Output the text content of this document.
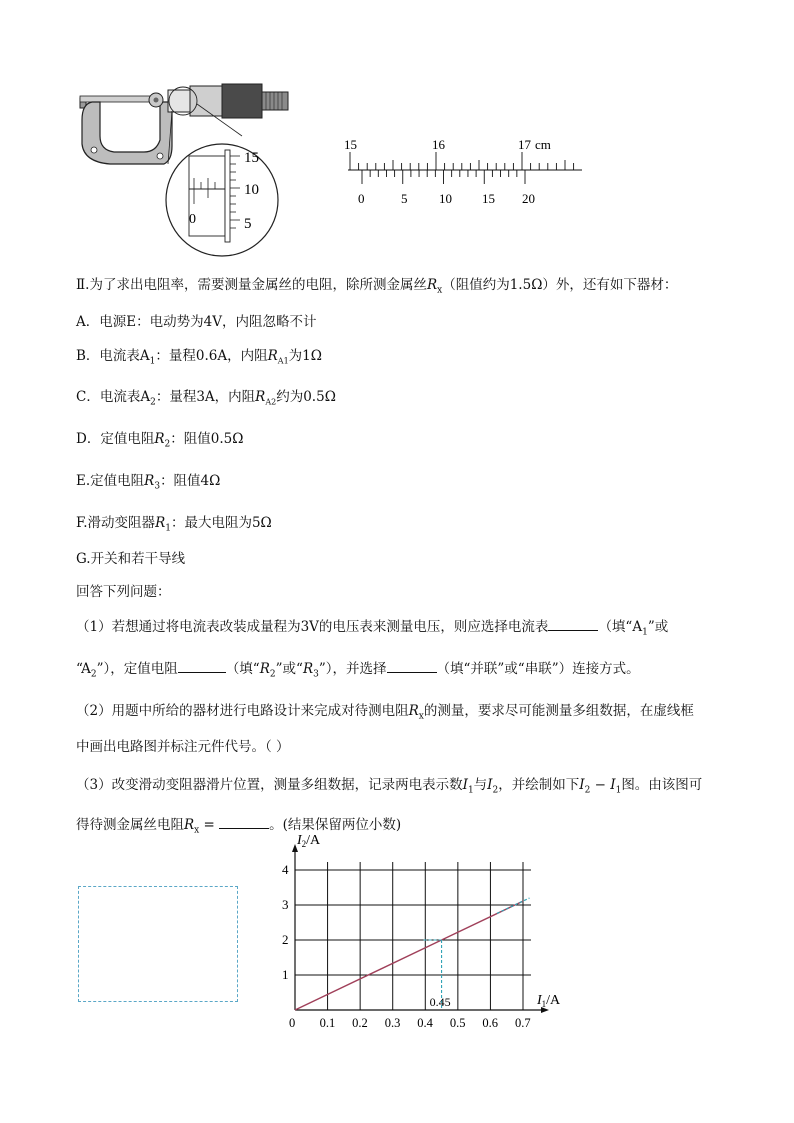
15
10
5
0
15	16	17 cm
0	5 10 15 20
Ⅱ.为了求出电阻率，需要测量金属丝的电阻，除所测金属丝$R_x$（阻值约为1.5Ω）外，还有如下器材：
A．电源E：电动势为4V，内阻忽略不计
B．电流表$A_1$：量程0.6A，内阻$R_{A1}$为1Ω
C．电流表$A_2$：量程3A，内阻$R_{A2}$约为0.5Ω
D．定值电阻$R_2$：阻值0.5Ω
E.定值电阻$R_3$：阻值4Ω
F.滑动变阻器$R_1$：最大电阻为5Ω
G.开关和若干导线
回答下列问题：
（1）若想通过将电流表改装成量程为3V的电压表来测量电压，则应选择电流表	（填“$A_1$”或
“$A_2$”），定值电阻	（填“$R_2$”或“$R_3$”），并选择	（填“并联”或“串联”）连接方式。
（2）用题中所给的器材进行电路设计来完成对待测电阻$R_x$的测量，要求尽可能测量多组数据，在虚线框
中画出电路图并标注元件代号。（ ）
（3）改变滑动变阻器滑片位置，测量多组数据，记录两电表示数$I_1$与$I_2$，并绘制如下$I_2 - I_1$图。由该图可
得待测金属丝电阻$R_x$ =	。(结果保留两位小数)
0.45
0.1 0.2 0.3 0.4 0.5 0.6 0.7
0
1
2
3
4
$I_2/A$
$I_1/A$
